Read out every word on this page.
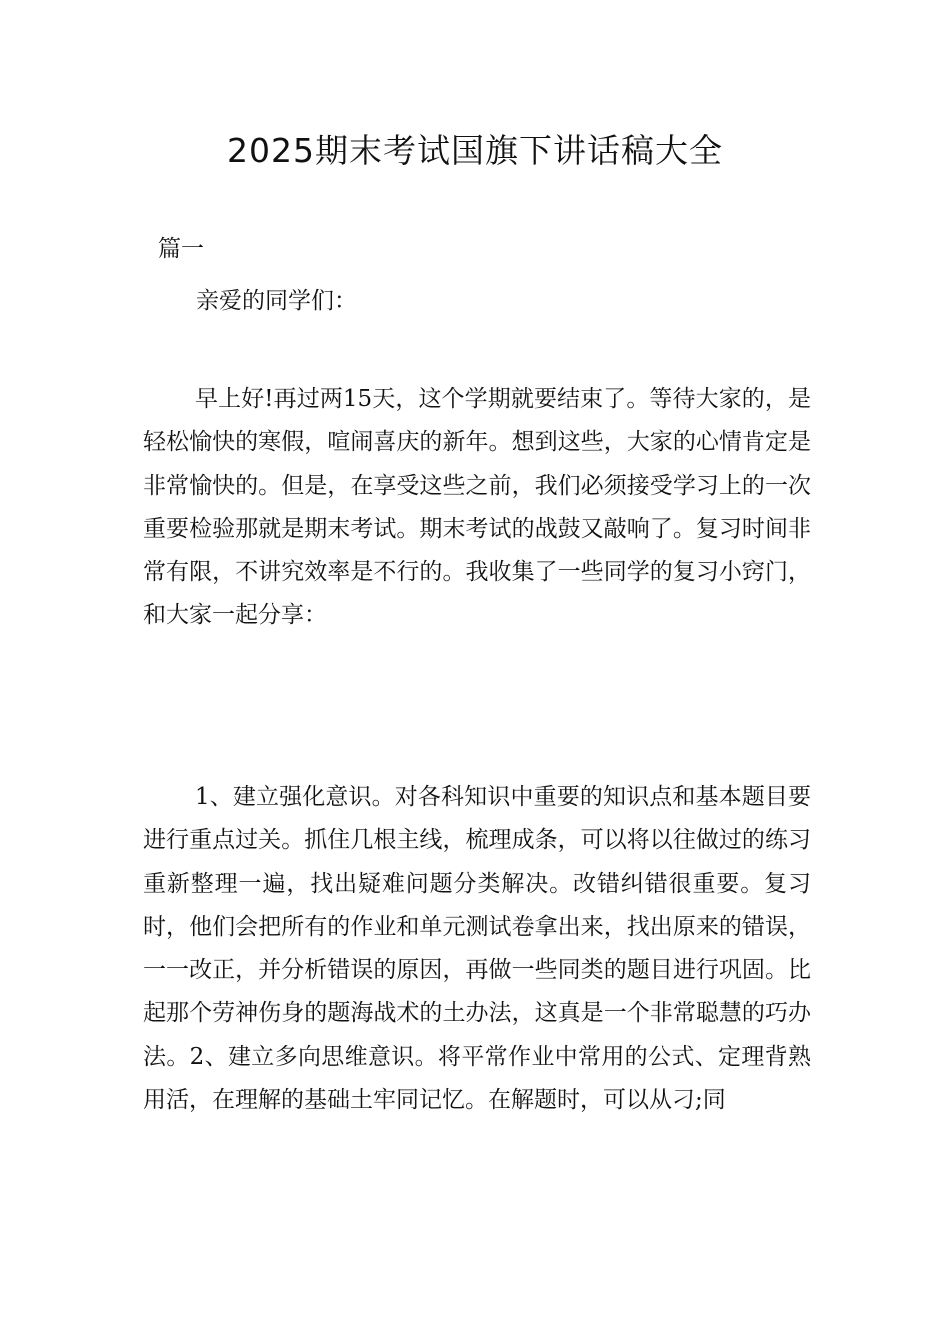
2025期末考试国旗下讲话稿大全

篇一

亲爱的同学们：

早上好!再过两15天，这个学期就要结束了。等待大家的，是轻松愉快的寒假，喧闹喜庆的新年。想到这些，大家的心情肯定是非常愉快的。但是，在享受这些之前，我们必须接受学习上的一次重要检验那就是期末考试。期末考试的战鼓又敲响了。复习时间非常有限，不讲究效率是不行的。我收集了一些同学的复习小窍门，和大家一起分享：

1、建立强化意识。对各科知识中重要的知识点和基本题目要进行重点过关。抓住几根主线，梳理成条，可以将以往做过的练习重新整理一遍，找出疑难问题分类解决。改错纠错很重要。复习时，他们会把所有的作业和单元测试卷拿出来，找出原来的错误，一一改正，并分析错误的原因，再做一些同类的题目进行巩固。比起那个劳神伤身的题海战术的土办法，这真是一个非常聪慧的巧办法。2、建立多向思维意识。将平常作业中常用的公式、定理背熟用活，在理解的基础土牢同记忆。在解题时，可以从刁;同
